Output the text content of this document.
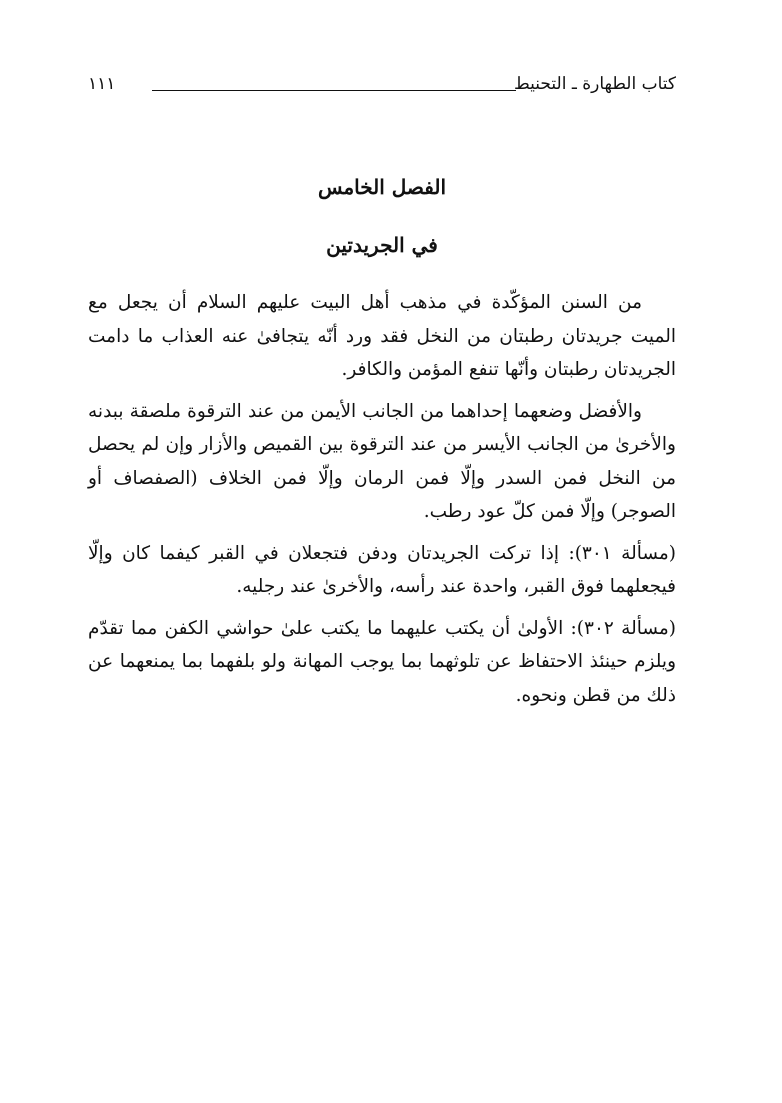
كتاب الطهارة ـ التحنيط
١١١

الفصل الخامس

في الجريدتين

من السنن المؤكّدة في مذهب أهل البيت عليهم السلام أن يجعل مع الميت جريدتان رطبتان من النخل فقد ورد أنّه يتجافىٰ عنه العذاب ما دامت الجريدتان رطبتان وأنّها تنفع المؤمن والكافر.

والأفضل وضعهما إحداهما من الجانب الأيمن من عند الترقوة ملصقة ببدنه والأخرىٰ من الجانب الأيسر من عند الترقوة بين القميص والأزار وإن لم يحصل من النخل فمن السدر وإلّا فمن الرمان وإلّا فمن الخلاف (الصفصاف أو الصوجر) وإلّا فمن كلّ عود رطب.

(مسألة ٣٠١): إذا تركت الجريدتان ودفن فتجعلان في القبر كيفما كان وإلّا فيجعلهما فوق القبر، واحدة عند رأسه، والأخرىٰ عند رجليه.

(مسألة ٣٠٢): الأولىٰ أن يكتب عليهما ما يكتب علىٰ حواشي الكفن مما تقدّم ويلزم حينئذ الاحتفاظ عن تلوثهما بما يوجب المهانة ولو بلفهما بما يمنعهما عن ذلك من قطن ونحوه.
